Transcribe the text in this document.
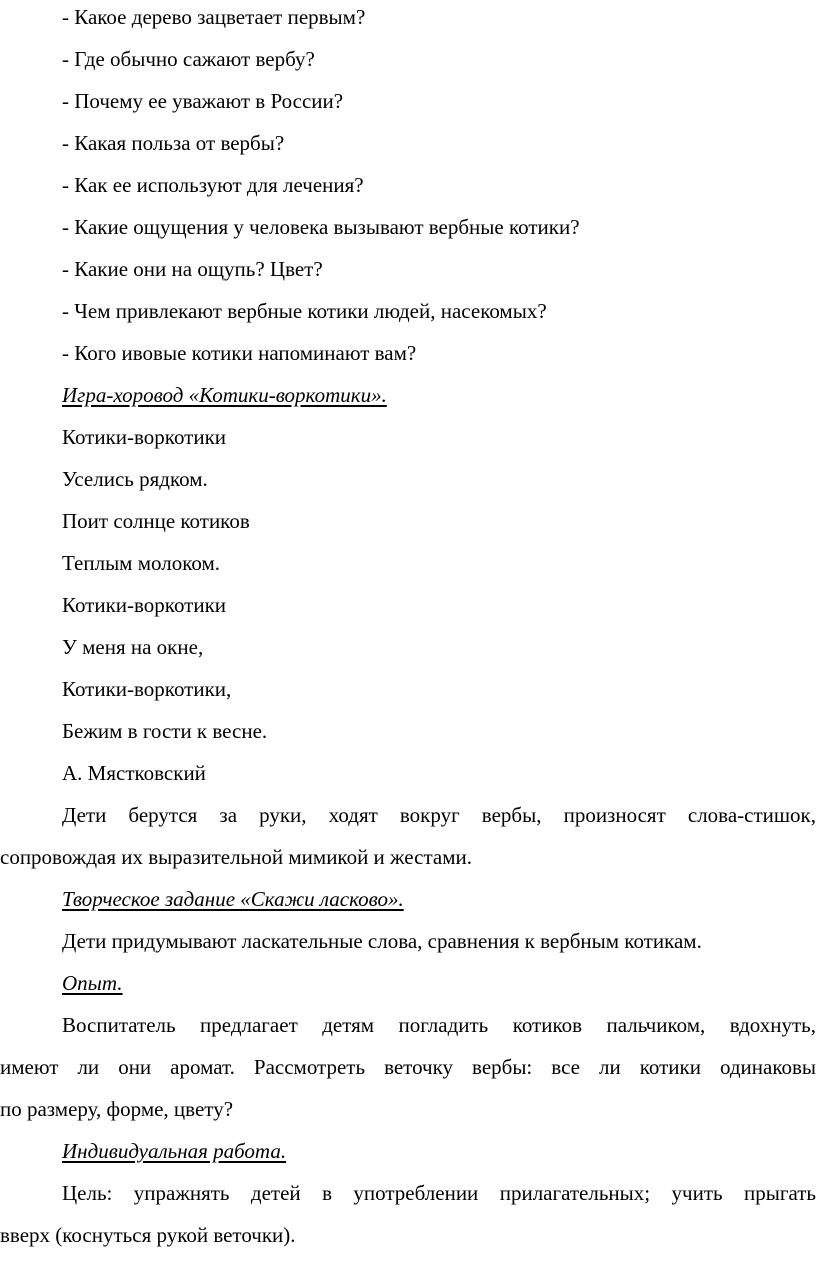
- Какое дерево зацветает первым?
- Где обычно сажают вербу?
- Почему ее уважают в России?
- Какая польза от вербы?
- Как ее используют для лечения?
- Какие ощущения у человека вызывают вербные котики?
- Какие они на ощупь? Цвет?
- Чем привлекают вербные котики людей, насекомых?
- Кого ивовые котики напоминают вам?
Игра-хоровод «Котики-воркотики».
Котики-воркотики
Уселись рядком.
Поит солнце котиков
Теплым молоком.
Котики-воркотики
У меня на окне,
Котики-воркотики,
Бежим в гости к весне.
А. Мястковский
Дети берутся за руки, ходят вокруг вербы, произносят слова-стишок,
сопровождая их выразительной мимикой и жестами.
Творческое задание «Скажи ласково».
Дети придумывают ласкательные слова, сравнения к вербным котикам.
Опыт.
Воспитатель предлагает детям погладить котиков пальчиком, вдохнуть,
имеют ли они аромат. Рассмотреть веточку вербы: все ли котики одинаковы
по размеру, форме, цвету?
Индивидуальная работа.
Цель: упражнять детей в употреблении прилагательных; учить прыгать
вверх (коснуться рукой веточки).
